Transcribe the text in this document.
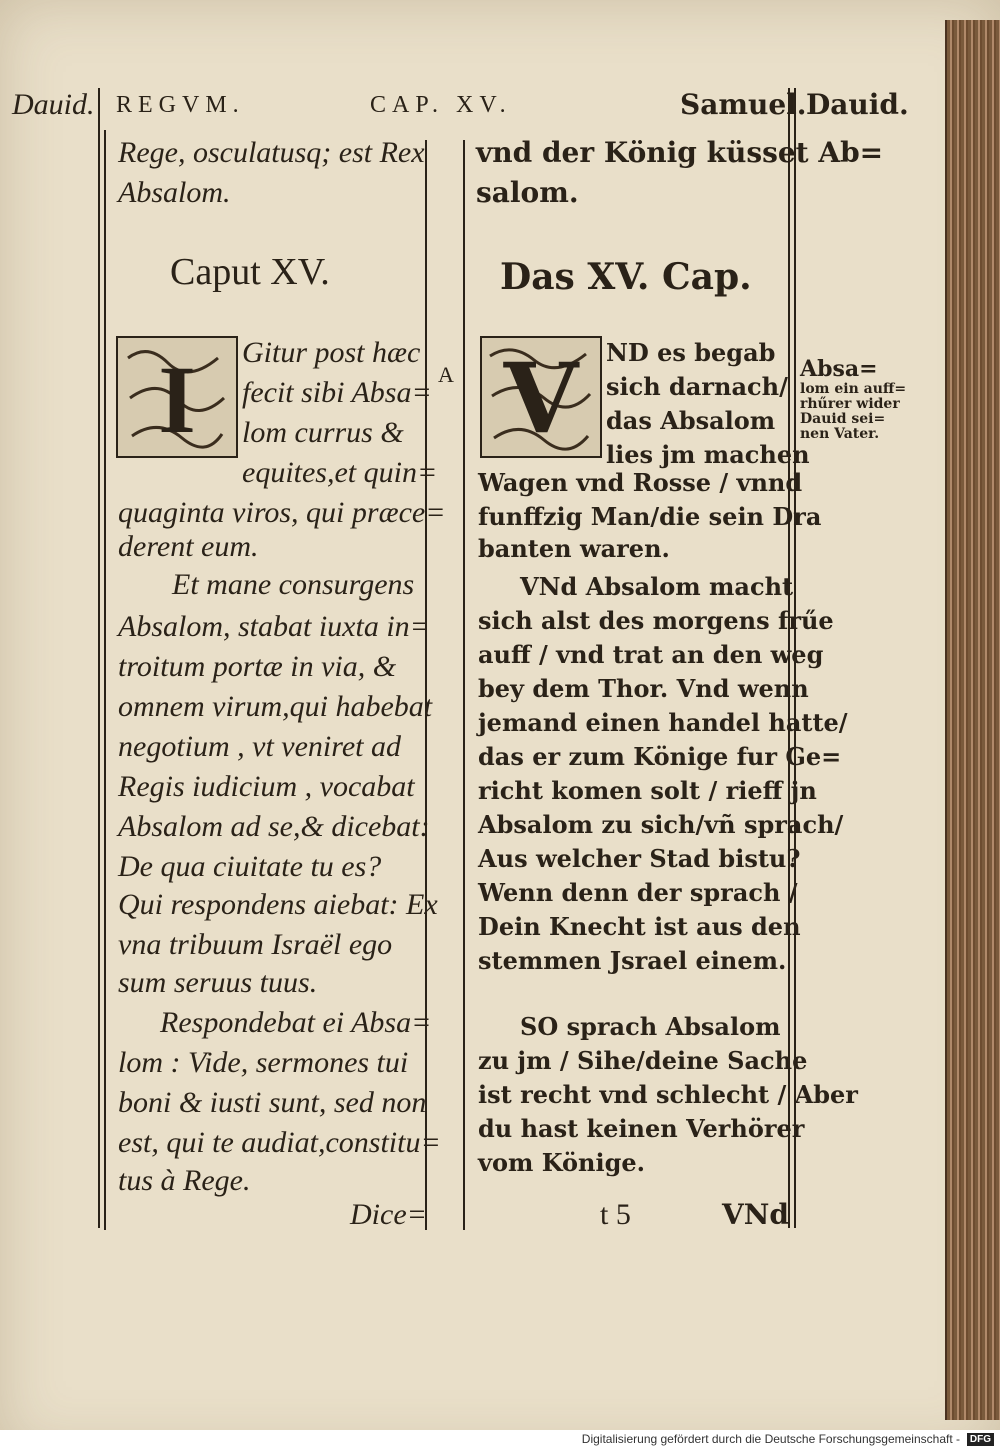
Dauid. REGVM.	CAP. XV.	Samuel. Dauid.
Rege, osculatusq; est Rex
Absalom.
Caput XV.
I Gitur post hæc
fecit sibi Absa=
lom currus &
equites,et quin=
quaginta viros, qui præce=
derent eum.
Et mane consurgens
Absalom, stabat iuxta in=
troitum portæ in via, &
omnem virum,qui habebat
negotium , vt veniret ad
Regis iudicium , vocabat
Absalom ad se,& dicebat:
De qua ciuitate tu es?
Qui respondens aiebat: Ex
vna tribuum Israël ego
sum seruus tuus.
Respondebat ei Absa=
lom : Vide, sermones tui
boni & iusti sunt, sed non
est, qui te audiat,constitu=
tus à Rege.
Dice=
A
vnd der König küsset Ab=
salom.
Das XV. Cap.
V ND es begab
sich darnach/
das Absalom
lies jm machen
Wagen vnd Rosse / vnnd
funffzig Man/die sein Dra
banten waren.
VNd Absalom macht
sich alst des morgens frűe
auff / vnd trat an den weg
bey dem Thor. Vnd wenn
jemand einen handel hatte/
das er zum Könige fur Ge=
richt komen solt / rieff jn
Absalom zu sich/vñ sprach/
Aus welcher Stad bistu?
Wenn denn der sprach /
Dein Knecht ist aus den
stemmen Jsrael einem.
SO sprach Absalom
zu jm / Sihe/deine Sache
ist recht vnd schlecht / Aber
du hast keinen Verhörer
vom Könige.
t 5	VNd
Absa=
lom ein auff=
rhűrer wider
Dauid sei=
nen Vater.
Digitalisierung gefördert durch die Deutsche Forschungsgemeinschaft - DFG
